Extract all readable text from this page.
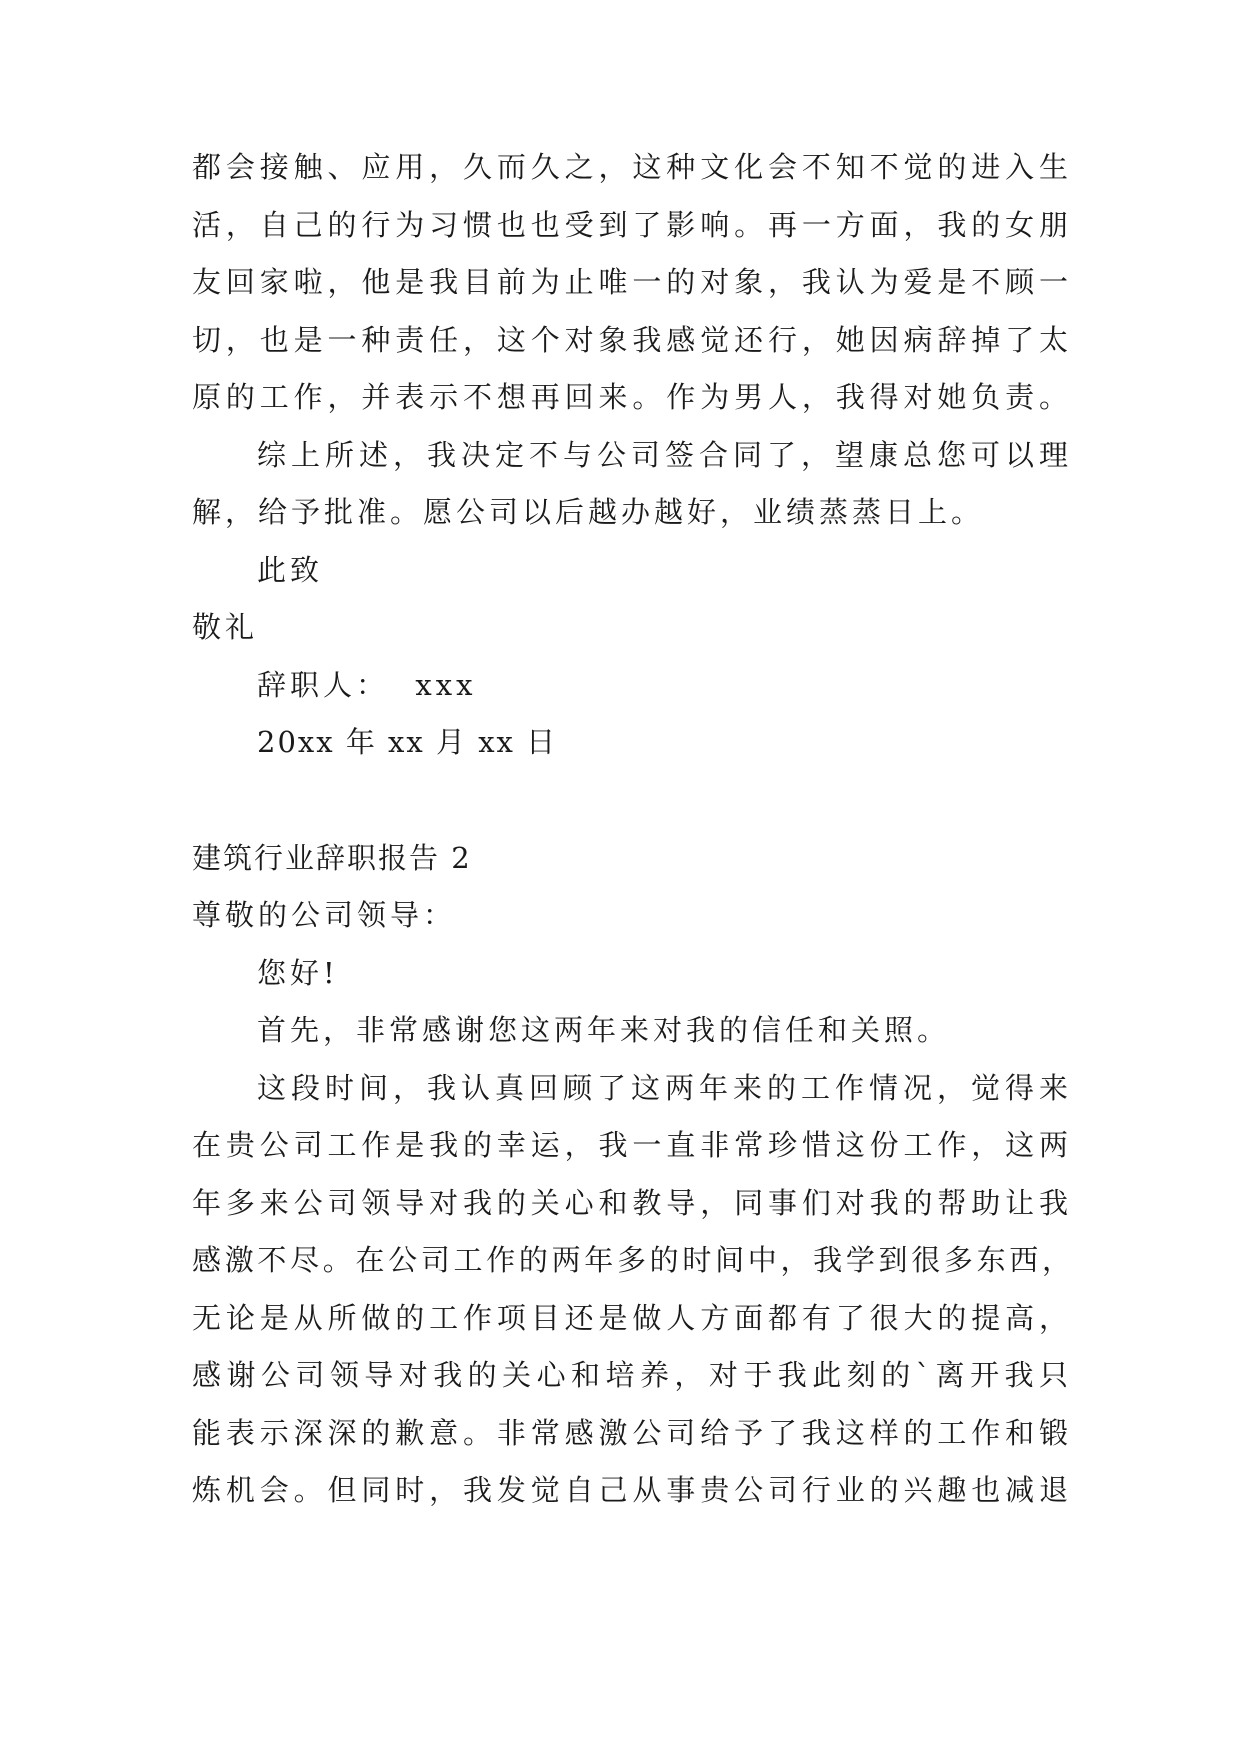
都会接触、应用，久而久之，这种文化会不知不觉的进入生
活，自己的行为习惯也也受到了影响。再一方面，我的女朋
友回家啦，他是我目前为止唯一的对象，我认为爱是不顾一
切，也是一种责任，这个对象我感觉还行，她因病辞掉了太
原的工作，并表示不想再回来。作为男人，我得对她负责。
综上所述，我决定不与公司签合同了，望康总您可以理
解，给予批准。愿公司以后越办越好，业绩蒸蒸日上。
此致
敬礼
辞职人：  xxx
20xx 年 xx 月 xx 日
建筑行业辞职报告 2
尊敬的公司领导：
您好!
首先，非常感谢您这两年来对我的信任和关照。
这段时间，我认真回顾了这两年来的工作情况，觉得来
在贵公司工作是我的幸运，我一直非常珍惜这份工作，这两
年多来公司领导对我的关心和教导，同事们对我的帮助让我
感激不尽。在公司工作的两年多的时间中，我学到很多东西，
无论是从所做的工作项目还是做人方面都有了很大的提高，
感谢公司领导对我的关心和培养，对于我此刻的`离开我只
能表示深深的歉意。非常感激公司给予了我这样的工作和锻
炼机会。但同时，我发觉自己从事贵公司行业的兴趣也减退
